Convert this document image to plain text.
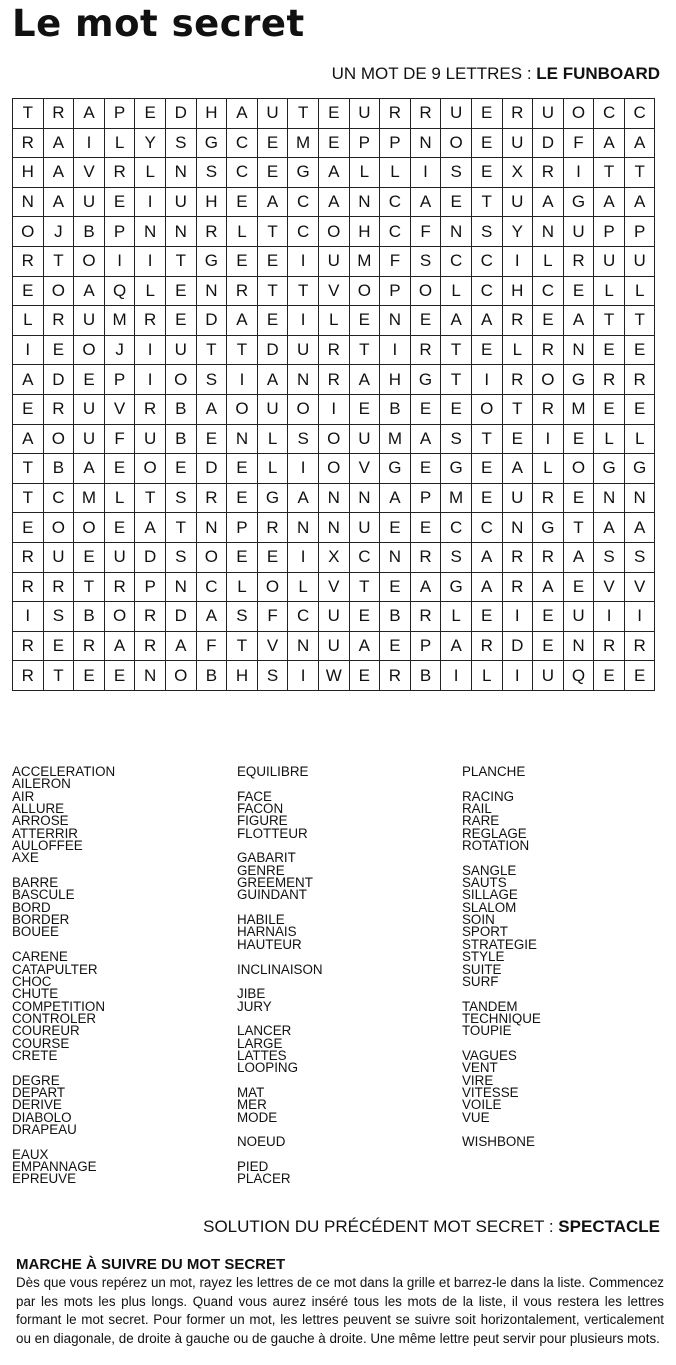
Le mot secret
UN MOT DE 9 LETTRES : LE FUNBOARD
T	R	A	P	E	D	H	A	U	T	E	U	R	R	U	E	R	U	O	C	C
R	A	I	L	Y	S	G	C	E	M	E	P	P	N	O	E	U	D	F	A	A
H	A	V	R	L	N	S	C	E	G	A	L	L	I	S	E	X	R	I	T	T
N	A	U	E	I	U	H	E	A	C	A	N	C	A	E	T	U	A	G	A	A
O	J	B	P	N	N	R	L	T	C	O	H	C	F	N	S	Y	N	U	P	P
R	T	O	I	I	T	G	E	E	I	U	M	F	S	C	C	I	L	R	U	U
E	O	A	Q	L	E	N	R	T	T	V	O	P	O	L	C	H	C	E	L	L
L	R	U	M	R	E	D	A	E	I	L	E	N	E	A	A	R	E	A	T	T
I	E	O	J	I	U	T	T	D	U	R	T	I	R	T	E	L	R	N	E	E
A	D	E	P	I	O	S	I	A	N	R	A	H	G	T	I	R	O	G	R	R
E	R	U	V	R	B	A	O	U	O	I	E	B	E	E	O	T	R	M	E	E
A	O	U	F	U	B	E	N	L	S	O	U	M	A	S	T	E	I	E	L	L
T	B	A	E	O	E	D	E	L	I	O	V	G	E	G	E	A	L	O	G	G
T	C	M	L	T	S	R	E	G	A	N	N	A	P	M	E	U	R	E	N	N
E	O	O	E	A	T	N	P	R	N	N	U	E	E	C	C	N	G	T	A	A
R	U	E	U	D	S	O	E	E	I	X	C	N	R	S	A	R	R	A	S	S
R	R	T	R	P	N	C	L	O	L	V	T	E	A	G	A	R	A	E	V	V
I	S	B	O	R	D	A	S	F	C	U	E	B	R	L	E	I	E	U	I	I
R	E	R	A	R	A	F	T	V	N	U	A	E	P	A	R	D	E	N	R	R
R	T	E	E	N	O	B	H	S	I	W	E	R	B	I	L	I	U	Q	E	E
ACCELERATION
AILERON
AIR
ALLURE
ARROSE
ATTERRIR
AULOFFEE
AXE
BARRE
BASCULE
BORD
BORDER
BOUEE
CARENE
CATAPULTER
CHOC
CHUTE
COMPETITION
CONTROLER
COUREUR
COURSE
CRETE
DEGRE
DEPART
DERIVE
DIABOLO
DRAPEAU
EAUX
EMPANNAGE
EPREUVE
EQUILIBRE
FACE
FACON
FIGURE
FLOTTEUR
GABARIT
GENRE
GREEMENT
GUINDANT
HABILE
HARNAIS
HAUTEUR
INCLINAISON
JIBE
JURY
LANCER
LARGE
LATTES
LOOPING
MAT
MER
MODE
NOEUD
PIED
PLACER
PLANCHE
RACING
RAIL
RARE
REGLAGE
ROTATION
SANGLE
SAUTS
SILLAGE
SLALOM
SOIN
SPORT
STRATEGIE
STYLE
SUITE
SURF
TANDEM
TECHNIQUE
TOUPIE
VAGUES
VENT
VIRE
VITESSE
VOILE
VUE
WISHBONE
SOLUTION DU PRÉCÉDENT MOT SECRET : SPECTACLE
MARCHE À SUIVRE DU MOT SECRET
Dès que vous repérez un mot, rayez les lettres de ce mot dans la grille et barrez-le dans la liste. Commencez par les mots les plus longs. Quand vous aurez inséré tous les mots de la liste, il vous restera les lettres formant le mot secret. Pour former un mot, les lettres peuvent se suivre soit horizontalement, verticalement ou en diagonale, de droite à gauche ou de gauche à droite. Une même lettre peut servir pour plusieurs mots.
